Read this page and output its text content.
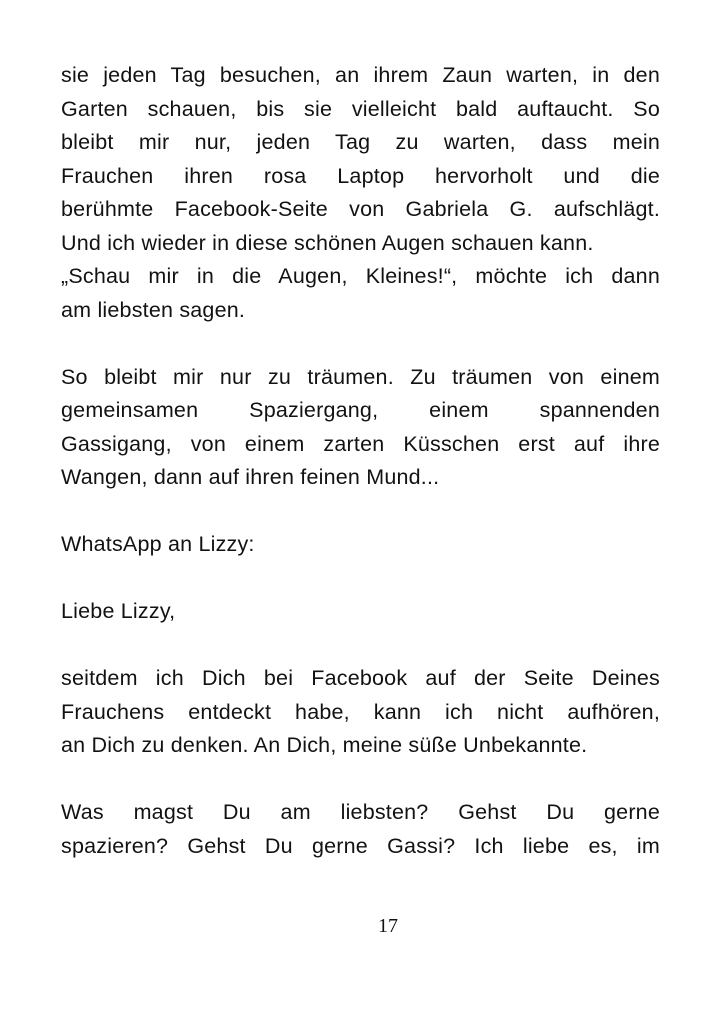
sie jeden Tag besuchen, an ihrem Zaun warten, in den
Garten schauen, bis sie vielleicht bald auftaucht. So
bleibt mir nur, jeden Tag zu warten, dass mein
Frauchen ihren rosa Laptop hervorholt und die
berühmte Facebook-Seite von Gabriela G. aufschlägt.
Und ich wieder in diese schönen Augen schauen kann.
„Schau mir in die Augen, Kleines!“, möchte ich dann
am liebsten sagen.
So bleibt mir nur zu träumen. Zu träumen von einem
gemeinsamen Spaziergang, einem spannenden
Gassigang, von einem zarten Küsschen erst auf ihre
Wangen, dann auf ihren feinen Mund...
WhatsApp an Lizzy:
Liebe Lizzy,
seitdem ich Dich bei Facebook auf der Seite Deines
Frauchens entdeckt habe, kann ich nicht aufhören,
an Dich zu denken. An Dich, meine süße Unbekannte.
Was magst Du am liebsten? Gehst Du gerne
spazieren? Gehst Du gerne Gassi? Ich liebe es, im
17
